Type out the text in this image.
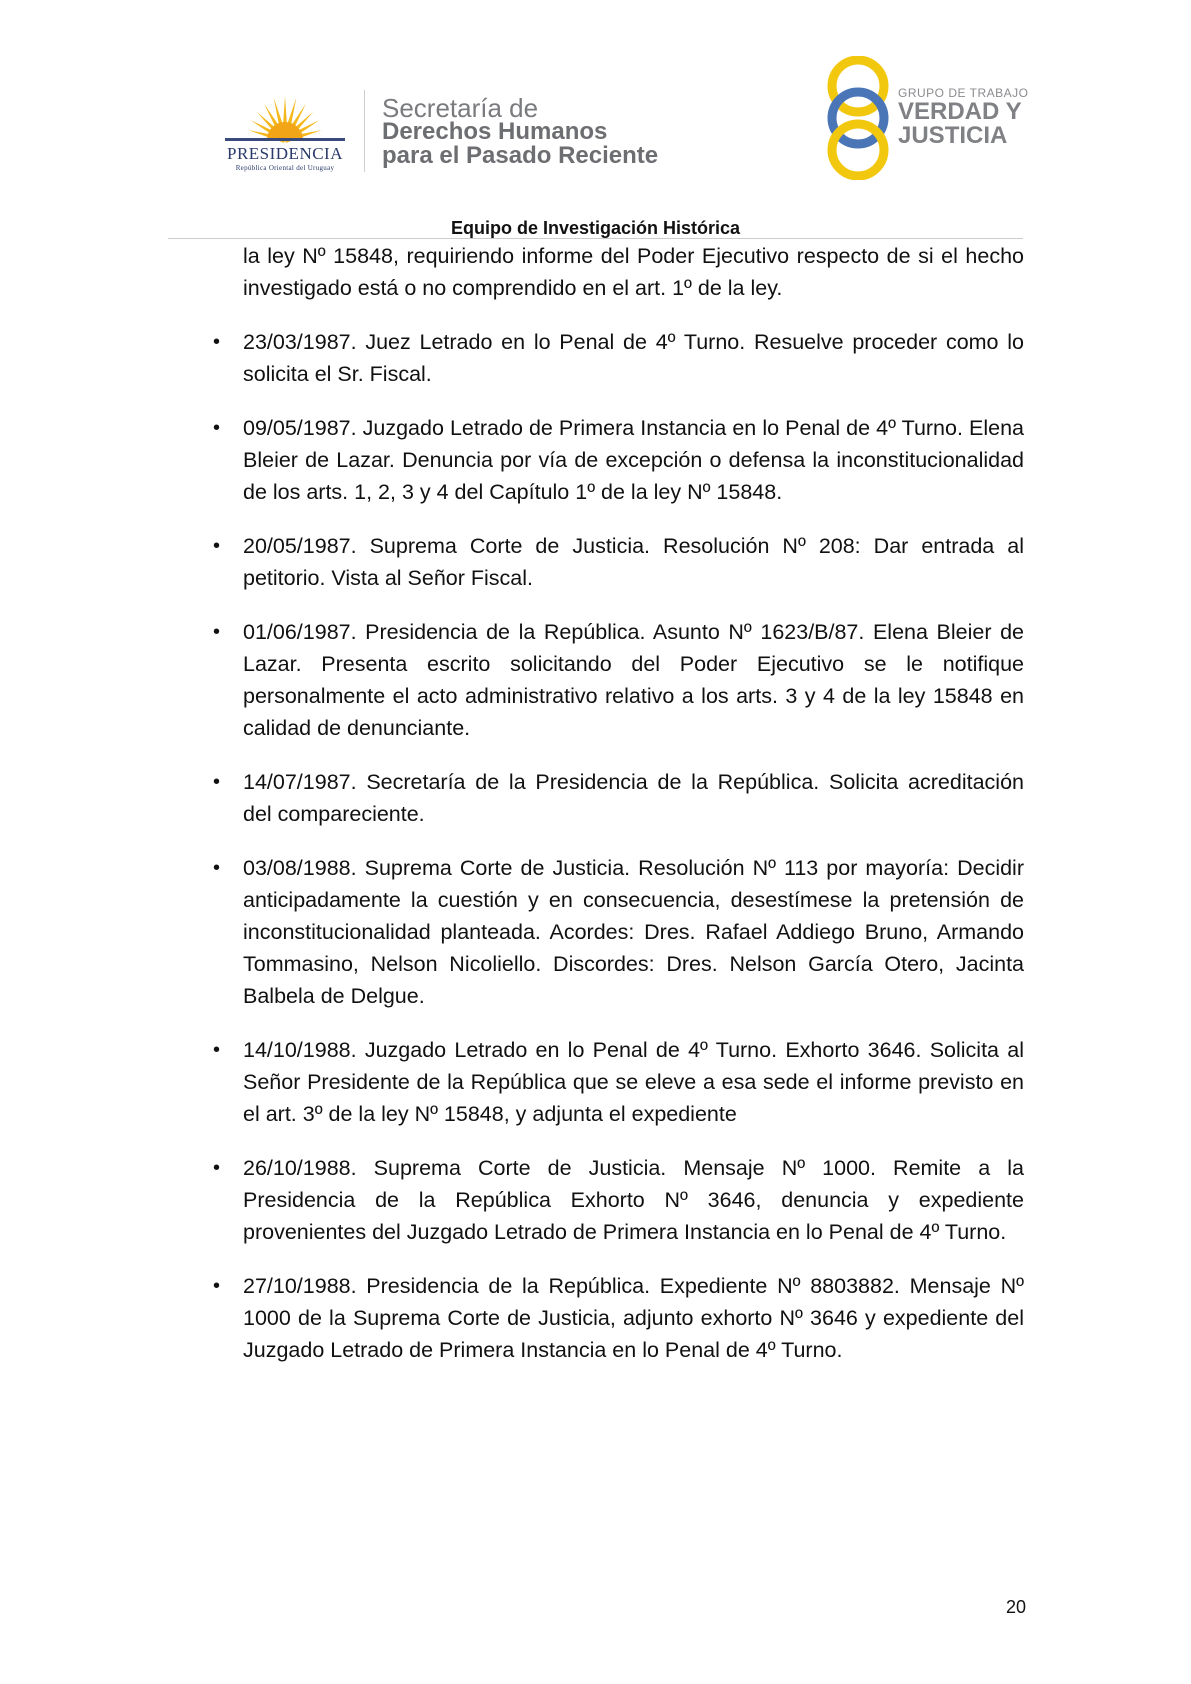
PRESIDENCIA
República Oriental del Uruguay
Secretaría de
Derechos Humanos
para el Pasado Reciente
GRUPO DE TRABAJO
VERDAD Y
JUSTICIA
Equipo de Investigación Histórica

la ley Nº 15848, requiriendo informe del Poder Ejecutivo respecto de si el hecho investigado está o no comprendido en el art. 1º de la ley.

•	23/03/1987. Juez Letrado en lo Penal de 4º Turno. Resuelve proceder como lo solicita el Sr. Fiscal.
•	09/05/1987. Juzgado Letrado de Primera Instancia en lo Penal de 4º Turno. Elena Bleier de Lazar. Denuncia por vía de excepción o defensa la inconstitucionalidad de los arts. 1, 2, 3 y 4 del Capítulo 1º de la ley Nº 15848.
•	20/05/1987. Suprema Corte de Justicia. Resolución Nº 208: Dar entrada al petitorio. Vista al Señor Fiscal.
•	01/06/1987. Presidencia de la República. Asunto Nº 1623/B/87. Elena Bleier de Lazar. Presenta escrito solicitando del Poder Ejecutivo se le notifique personalmente el acto administrativo relativo a los arts. 3 y 4 de la ley 15848 en calidad de denunciante.
•	14/07/1987. Secretaría de la Presidencia de la República. Solicita acreditación del compareciente.
•	03/08/1988. Suprema Corte de Justicia. Resolución Nº 113 por mayoría: Decidir anticipadamente la cuestión y en consecuencia, desestímese la pretensión de inconstitucionalidad planteada. Acordes: Dres. Rafael Addiego Bruno, Armando Tommasino, Nelson Nicoliello. Discordes: Dres. Nelson García Otero, Jacinta Balbela de Delgue.
•	14/10/1988. Juzgado Letrado en lo Penal de 4º Turno. Exhorto 3646. Solicita al Señor Presidente de la República que se eleve a esa sede el informe previsto en el art. 3º de la ley Nº 15848, y adjunta el expediente
•	26/10/1988. Suprema Corte de Justicia. Mensaje Nº 1000. Remite a la Presidencia de la República Exhorto Nº 3646, denuncia y expediente provenientes del Juzgado Letrado de Primera Instancia en lo Penal de 4º Turno.
•	27/10/1988. Presidencia de la República. Expediente Nº 8803882. Mensaje Nº 1000 de la Suprema Corte de Justicia, adjunto exhorto Nº 3646 y expediente del Juzgado Letrado de Primera Instancia en lo Penal de 4º Turno.
20
